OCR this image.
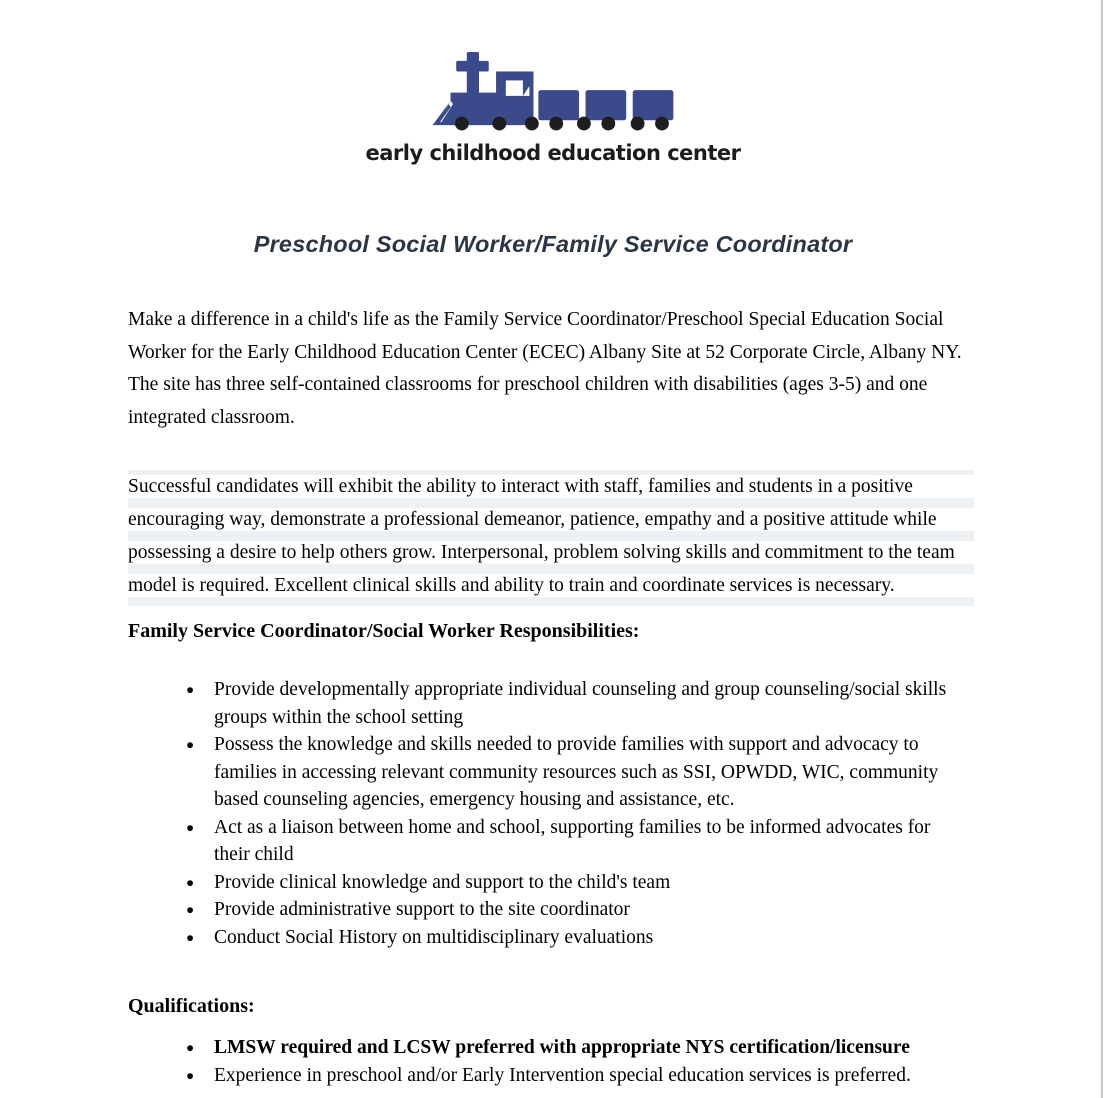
early childhood education center
Preschool Social Worker/Family Service Coordinator

Make a difference in a child's life as the Family Service Coordinator/Preschool Special Education Social Worker for the Early Childhood Education Center (ECEC) Albany Site at 52 Corporate Circle, Albany NY. The site has three self-contained classrooms for preschool children with disabilities (ages 3-5) and one integrated classroom.

Successful candidates will exhibit the ability to interact with staff, families and students in a positive encouraging way, demonstrate a professional demeanor, patience, empathy and a positive attitude while possessing a desire to help others grow. Interpersonal, problem solving skills and commitment to the team model is required. Excellent clinical skills and ability to train and coordinate services is necessary.

Family Service Coordinator/Social Worker Responsibilities:
● Provide developmentally appropriate individual counseling and group counseling/social skills groups within the school setting
● Possess the knowledge and skills needed to provide families with support and advocacy to families in accessing relevant community resources such as SSI, OPWDD, WIC, community based counseling agencies, emergency housing and assistance, etc.
● Act as a liaison between home and school, supporting families to be informed advocates for their child
● Provide clinical knowledge and support to the child's team
● Provide administrative support to the site coordinator
● Conduct Social History on multidisciplinary evaluations
Qualifications:
● LMSW required and LCSW preferred with appropriate NYS certification/licensure
● Experience in preschool and/or Early Intervention special education services is preferred.
